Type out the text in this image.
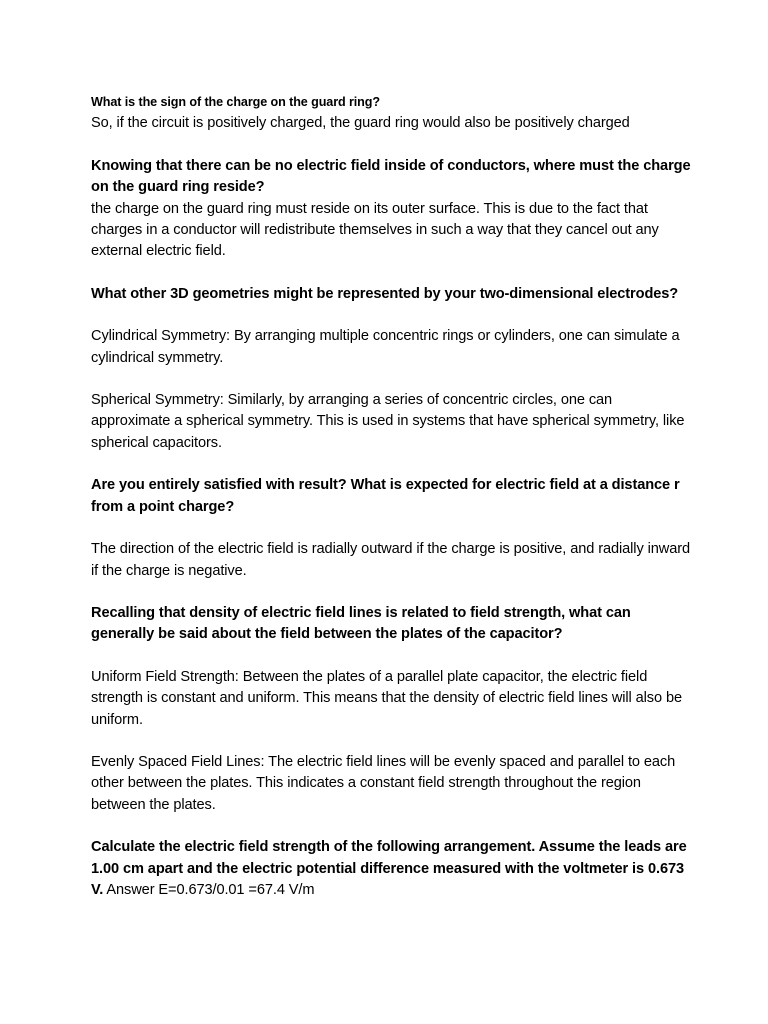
What is the sign of the charge on the guard ring?

So, if the circuit is positively charged, the guard ring would also be positively charged

Knowing that there can be no electric field inside of conductors, where must the charge on the guard ring reside?

the charge on the guard ring must reside on its outer surface. This is due to the fact that charges in a conductor will redistribute themselves in such a way that they cancel out any external electric field.

What other 3D geometries might be represented by your two-dimensional electrodes?

Cylindrical Symmetry: By arranging multiple concentric rings or cylinders, one can simulate a cylindrical symmetry.

Spherical Symmetry: Similarly, by arranging a series of concentric circles, one can approximate a spherical symmetry. This is used in systems that have spherical symmetry, like spherical capacitors.

Are you entirely satisfied with result? What is expected for electric field at a distance r from a point charge?

The direction of the electric field is radially outward if the charge is positive, and radially inward if the charge is negative.

Recalling that density of electric field lines is related to field strength, what can generally be said about the field between the plates of the capacitor?

Uniform Field Strength: Between the plates of a parallel plate capacitor, the electric field strength is constant and uniform. This means that the density of electric field lines will also be uniform.

Evenly Spaced Field Lines: The electric field lines will be evenly spaced and parallel to each other between the plates. This indicates a constant field strength throughout the region between the plates.

Calculate the electric field strength of the following arrangement. Assume the leads are 1.00 cm apart and the electric potential difference measured with the voltmeter is 0.673 V. Answer E=0.673/0.01 =67.4 V/m
